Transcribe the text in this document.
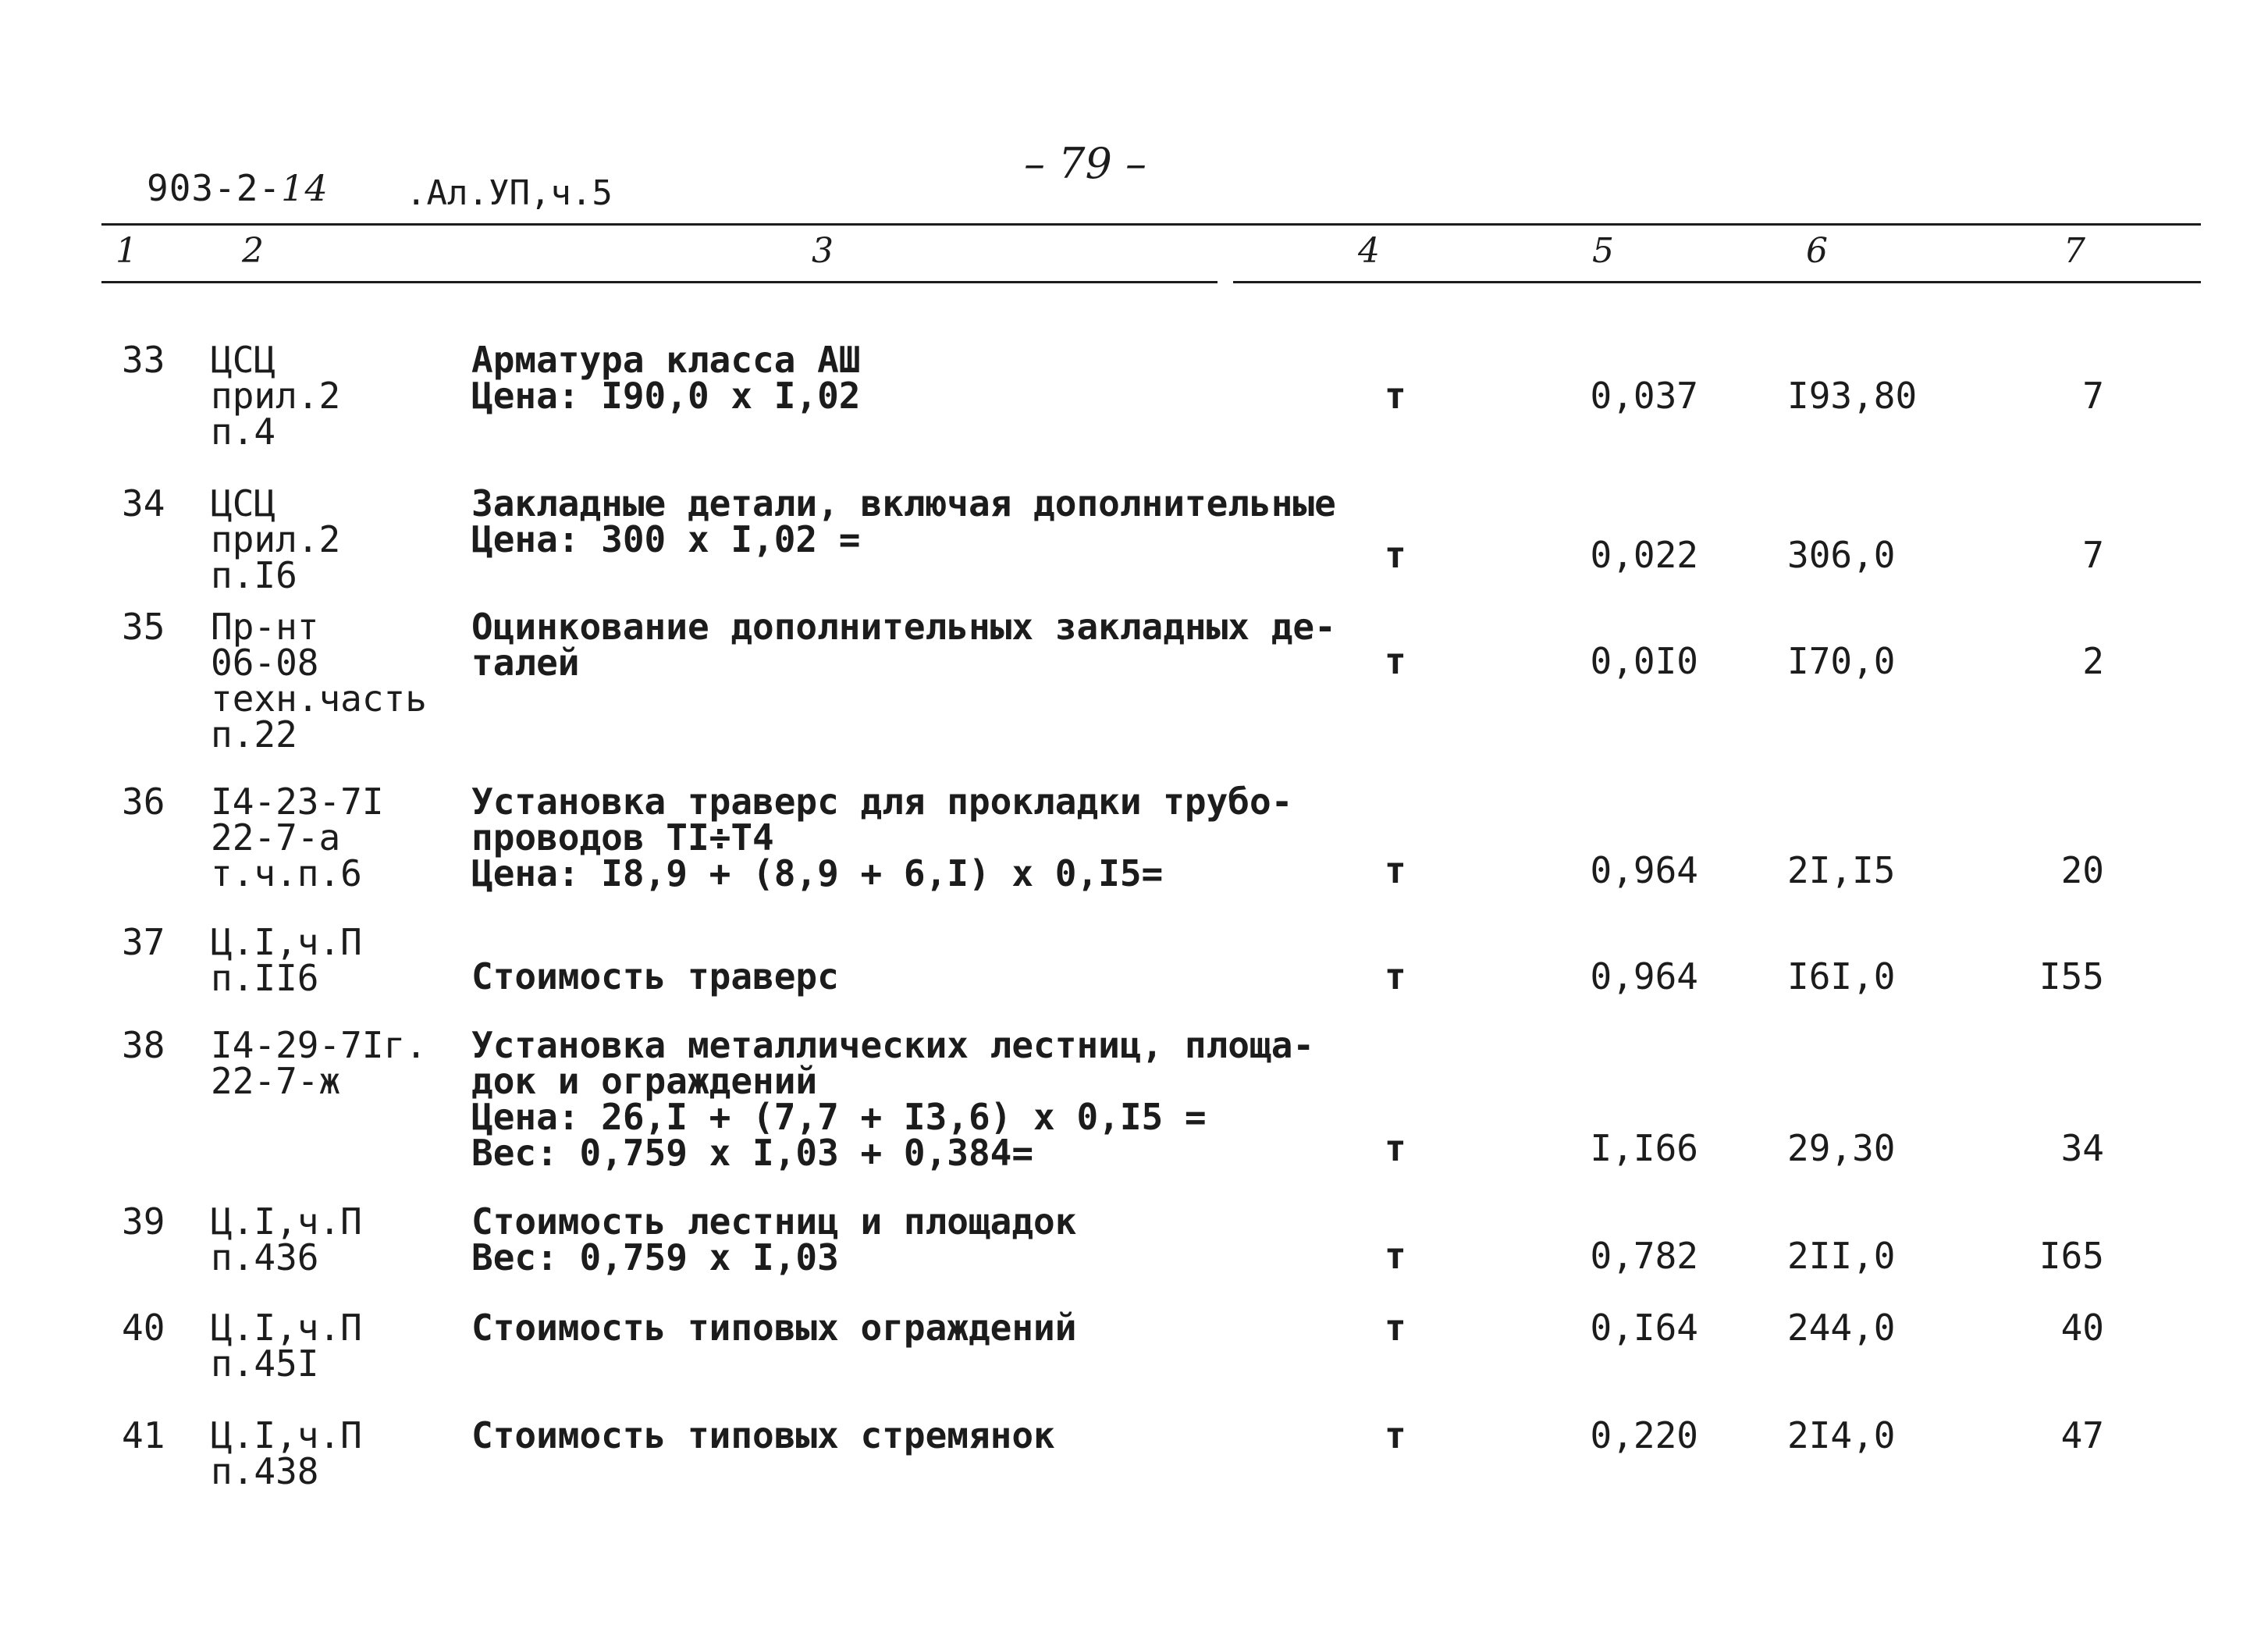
903-2-14 .Ал.УП,ч.5
– 79 –
1	2	3	4	5	6	7
33 ЦСЦ
прил.2
п.4
Арматура класса АШ
Цена: I90,0 x I,02	т	0,037 I93,80	7
34 ЦСЦ
прил.2
п.I6
Закладные детали, включая дополнительные
Цена: 300 x I,02 =	т	0,022 306,0	7
35 Пр-нт
06-08
техн.часть
п.22
Оцинкование дополнительных закладных де-
талей	т	0,0I0 I70,0	2
36 I4-23-7I
22-7-а
т.ч.п.6
Установка траверс для прокладки трубо-
проводов TI÷T4
Цена: I8,9 + (8,9 + 6,I) x 0,I5=	т	0,964 2I,I5	20
37 Ц.I,ч.П
п.II6	Стоимость траверс	т	0,964 I6I,0	I55
38 I4-29-7Iг.
22-7-ж
Установка металлических лестниц, площа-
док и ограждений
Цена: 26,I + (7,7 + I3,6) x 0,I5 =
Вес: 0,759 x I,03 + 0,384=	т	I,I66 29,30	34
39 Ц.I,ч.П
п.436
Стоимость лестниц и площадок
Вес: 0,759 x I,03	т	0,782 2II,0	I65
40 Ц.I,ч.П
п.45I
Стоимость типовых ограждений	т	0,I64 244,0	40
41 Ц.I,ч.П
п.438
Стоимость типовых стремянок	т	0,220 2I4,0	47
